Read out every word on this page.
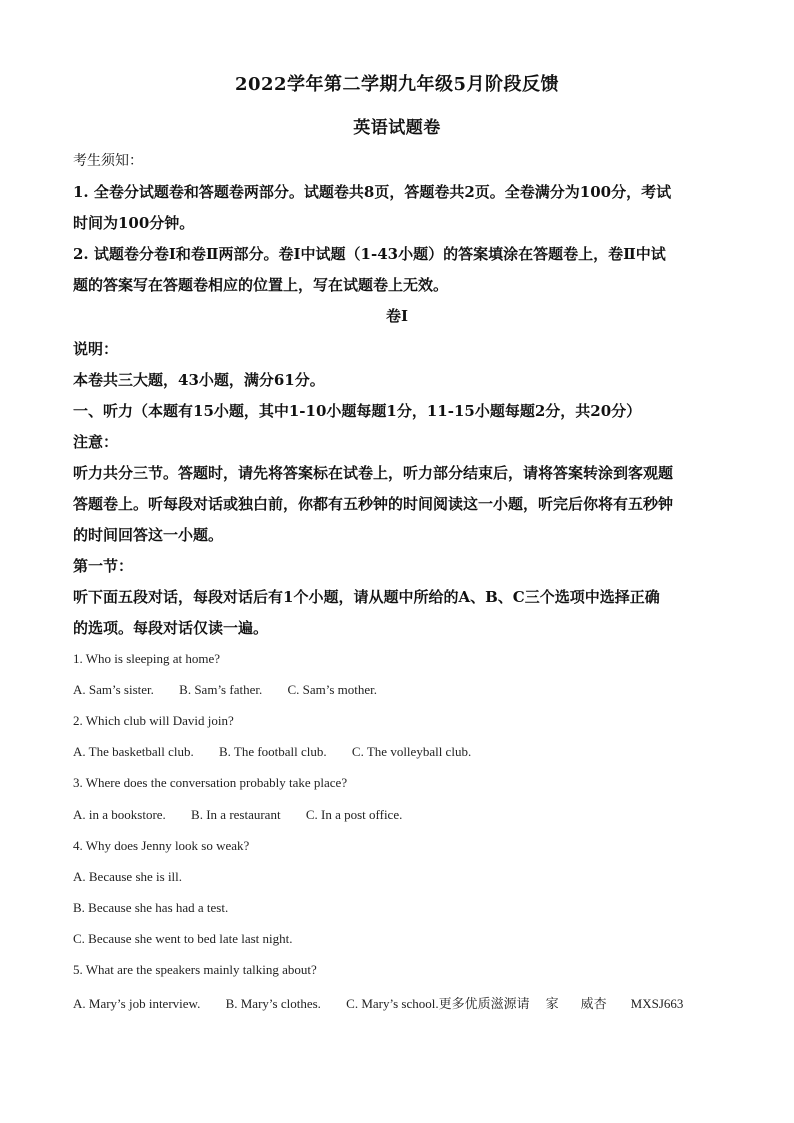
2022学年第二学期九年级5月阶段反馈
英语试题卷
考生须知：
1. 全卷分试题卷和答题卷两部分。试题卷共8页，答题卷共2页。全卷满分为100分，考试
时间为100分钟。
2. 试题卷分卷Ⅰ和卷Ⅱ两部分。卷Ⅰ中试题（1-43小题）的答案填涂在答题卷上，卷Ⅱ中试
题的答案写在答题卷相应的位置上，写在试题卷上无效。
卷Ⅰ
说明：
本卷共三大题，43小题，满分61分。
一、听力（本题有15小题，其中1-10小题每题1分，11-15小题每题2分，共20分）
注意：
听力共分三节。答题时，请先将答案标在试卷上，听力部分结束后，请将答案转涂到客观题
答题卷上。听每段对话或独白前，你都有五秒钟的时间阅读这一小题，听完后你将有五秒钟
的时间回答这一小题。
第一节：
听下面五段对话，每段对话后有1个小题，请从题中所给的A、B、C三个选项中选择正确
的选项。每段对话仅读一遍。
1. Who is sleeping at home?
A. Sam’s sister. B. Sam’s father. C. Sam’s mother.
2. Which club will David join?
A. The basketball club. B. The football club. C. The volleyball club.
3. Where does the conversation probably take place?
A. in a bookstore. B. In a restaurant C. In a post office.
4. Why does Jenny look so weak?
A. Because she is ill.
B. Because she has had a test.
C. Because she went to bed late last night.
5. What are the speakers mainly talking about?
A. Mary’s job interview. B. Mary’s clothes. C. Mary’s school.更多优质滋源请 家 威杏 MXSJ663
